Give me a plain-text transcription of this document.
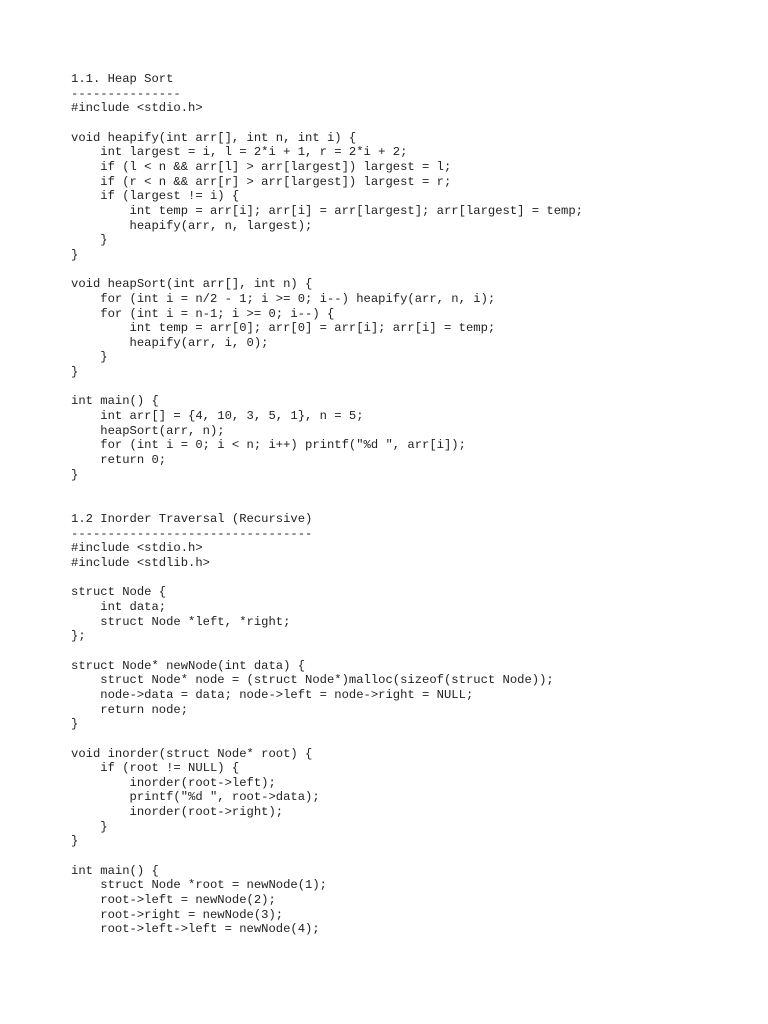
1.1. Heap Sort
---------------
#include <stdio.h>

void heapify(int arr[], int n, int i) {
int largest = i, l = 2*i + 1, r = 2*i + 2;
if (l < n && arr[l] > arr[largest]) largest = l;
if (r < n && arr[r] > arr[largest]) largest = r;
if (largest != i) {
int temp = arr[i]; arr[i] = arr[largest]; arr[largest] = temp;
heapify(arr, n, largest);
}
}

void heapSort(int arr[], int n) {
for (int i = n/2 - 1; i >= 0; i--) heapify(arr, n, i);
for (int i = n-1; i >= 0; i--) {
int temp = arr[0]; arr[0] = arr[i]; arr[i] = temp;
heapify(arr, i, 0);
}
}

int main() {
int arr[] = {4, 10, 3, 5, 1}, n = 5;
heapSort(arr, n);
for (int i = 0; i < n; i++) printf("%d ", arr[i]);
return 0;
}
1.2 Inorder Traversal (Recursive)
---------------------------------
#include <stdio.h>
#include <stdlib.h>

struct Node {
int data;
struct Node *left, *right;
};

struct Node* newNode(int data) {
struct Node* node = (struct Node*)malloc(sizeof(struct Node));
node->data = data; node->left = node->right = NULL;
return node;
}

void inorder(struct Node* root) {
if (root != NULL) {
inorder(root->left);
printf("%d ", root->data);
inorder(root->right);
}
}

int main() {
struct Node *root = newNode(1);
root->left = newNode(2);
root->right = newNode(3);
root->left->left = newNode(4);
